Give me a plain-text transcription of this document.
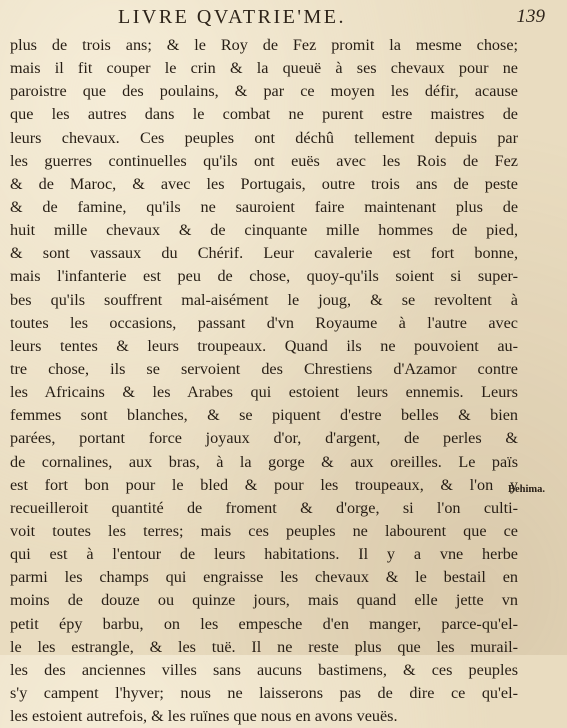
LIVRE QVATRIE'ME.	139
plus de trois ans; & le Roy de Fez promit la mesme chose;
mais il fit couper le crin & la queuë à ses chevaux pour ne
paroistre que des poulains, & par ce moyen les défir, acause
que les autres dans le combat ne purent estre maistres de
leurs chevaux. Ces peuples ont déchû tellement depuis par
les guerres continuelles qu'ils ont euës avec les Rois de Fez
& de Maroc, & avec les Portugais, outre trois ans de peste
& de famine, qu'ils ne sauroient faire maintenant plus de
huit mille chevaux & de cinquante mille hommes de pied,
& sont vassaux du Chérif. Leur cavalerie est fort bonne,
mais l'infanterie est peu de chose, quoy-qu'ils soient si super-
bes qu'ils souffrent mal-aisément le joug, & se revoltent à
toutes les occasions, passant d'vn Royaume à l'autre avec
leurs tentes & leurs troupeaux. Quand ils ne pouvoient au-
tre chose, ils se servoient des Chrestiens d'Azamor contre
les Africains & les Arabes qui estoient leurs ennemis. Leurs
femmes sont blanches, & se piquent d'estre belles & bien
parées, portant force joyaux d'or, d'argent, de perles &
de cornalines, aux bras, à la gorge & aux oreilles. Le païs
est fort bon pour le bled & pour les troupeaux, & l'on y
recueilleroit quantité de froment & d'orge, si l'on culti-
voit toutes les terres; mais ces peuples ne labourent que ce
qui est à l'entour de leurs habitations. Il y a vne herbe
parmi les champs qui engraisse les chevaux & le bestail en
moins de douze ou quinze jours, mais quand elle jette vn
petit épy barbu, on les empesche d'en manger, parce-qu'el-
le les estrangle, & les tuë. Il ne reste plus que les murail-
les des anciennes villes sans aucuns bastimens, & ces peuples
s'y campent l'hyver; nous ne laisserons pas de dire ce qu'el-
les estoient autrefois, & les ruïnes que nous en avons veuës.
Behima.
